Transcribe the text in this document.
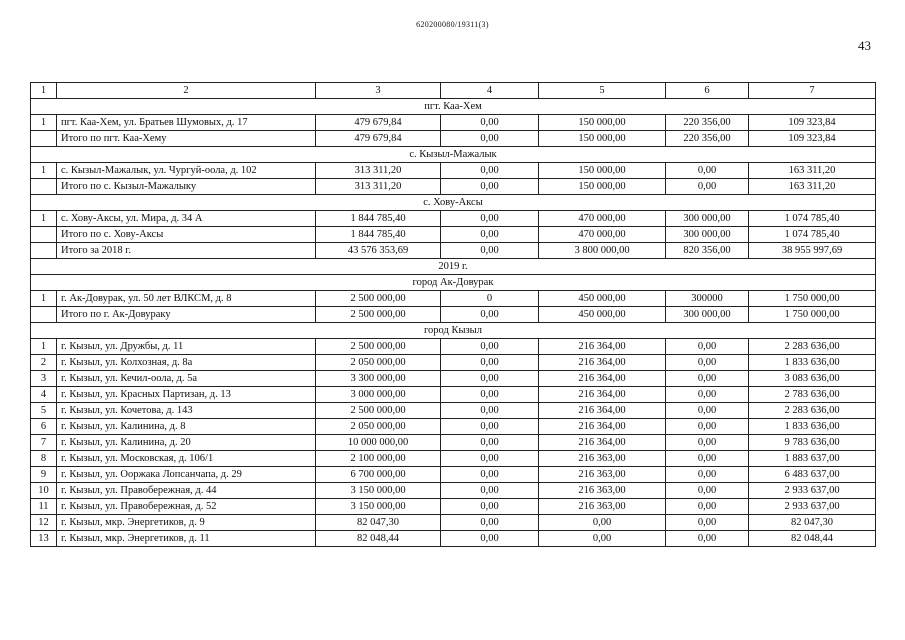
620200080/19311(3)
43
1	2	3	4	5	6	7
пгт. Каа-Хем						
1	пгт. Каа-Хем, ул. Братьев Шумовых, д. 17	479 679,84	0,00	150 000,00	220 356,00	109 323,84
	Итого по пгт. Каа-Хему	479 679,84	0,00	150 000,00	220 356,00	109 323,84
с. Кызыл-Мажалык						
1	с. Кызыл-Мажалык, ул. Чургуй-оола, д. 102	313 311,20	0,00	150 000,00	0,00	163 311,20
	Итого по с. Кызыл-Мажалыку	313 311,20	0,00	150 000,00	0,00	163 311,20
с. Хову-Аксы						
1	с. Хову-Аксы, ул. Мира, д. 34 А	1 844 785,40	0,00	470 000,00	300 000,00	1 074 785,40
	Итого по с. Хову-Аксы	1 844 785,40	0,00	470 000,00	300 000,00	1 074 785,40
	Итого за 2018 г.	43 576 353,69	0,00	3 800 000,00	820 356,00	38 955 997,69
2019 г.						
город Ак-Довурак						
1	г. Ак-Довурак, ул. 50 лет ВЛКСМ, д. 8	2 500 000,00	0	450 000,00	300000	1 750 000,00
	Итого по г. Ак-Довураку	2 500 000,00	0,00	450 000,00	300 000,00	1 750 000,00
город Кызыл						
1	г. Кызыл, ул. Дружбы, д. 11	2 500 000,00	0,00	216 364,00	0,00	2 283 636,00
2	г. Кызыл, ул. Колхозная, д. 8а	2 050 000,00	0,00	216 364,00	0,00	1 833 636,00
3	г. Кызыл, ул. Кечил-оола, д. 5а	3 300 000,00	0,00	216 364,00	0,00	3 083 636,00
4	г. Кызыл, ул. Красных Партизан, д. 13	3 000 000,00	0,00	216 364,00	0,00	2 783 636,00
5	г. Кызыл, ул. Кочетова, д. 143	2 500 000,00	0,00	216 364,00	0,00	2 283 636,00
6	г. Кызыл, ул. Калинина, д. 8	2 050 000,00	0,00	216 364,00	0,00	1 833 636,00
7	г. Кызыл, ул. Калинина, д. 20	10 000 000,00	0,00	216 364,00	0,00	9 783 636,00
8	г. Кызыл, ул. Московская, д. 106/1	2 100 000,00	0,00	216 363,00	0,00	1 883 637,00
9	г. Кызыл, ул. Ооржака Лопсанчапа, д. 29	6 700 000,00	0,00	216 363,00	0,00	6 483 637,00
10	г. Кызыл, ул. Правобережная, д. 44	3 150 000,00	0,00	216 363,00	0,00	2 933 637,00
11	г. Кызыл, ул. Правобережная, д. 52	3 150 000,00	0,00	216 363,00	0,00	2 933 637,00
12	г. Кызыл, мкр. Энергетиков, д. 9	82 047,30	0,00	0,00	0,00	82 047,30
13	г. Кызыл, мкр. Энергетиков, д. 11	82 048,44	0,00	0,00	0,00	82 048,44
